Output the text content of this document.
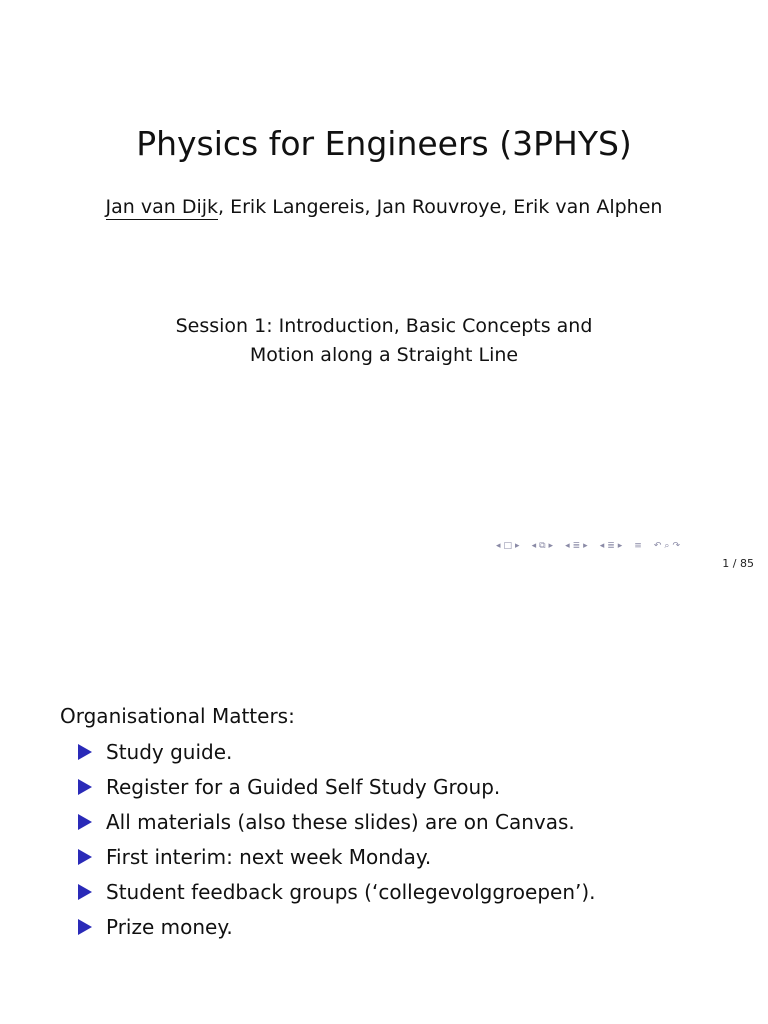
Physics for Engineers (3PHYS)
Jan van Dijk, Erik Langereis, Jan Rouvroye, Erik van Alphen
Session 1: Introduction, Basic Concepts and
Motion along a Straight Line
◂ □ ▸ ◂ ⧉ ▸ ◂ ≣ ▸ ◂ ≣ ▸ ≡ ↶ ⌕ ↷
1 / 85
Organisational Matters:
Study guide.
Register for a Guided Self Study Group.
All materials (also these slides) are on Canvas.
First interim: next week Monday.
Student feedback groups (‘collegevolggroepen’).
Prize money.
